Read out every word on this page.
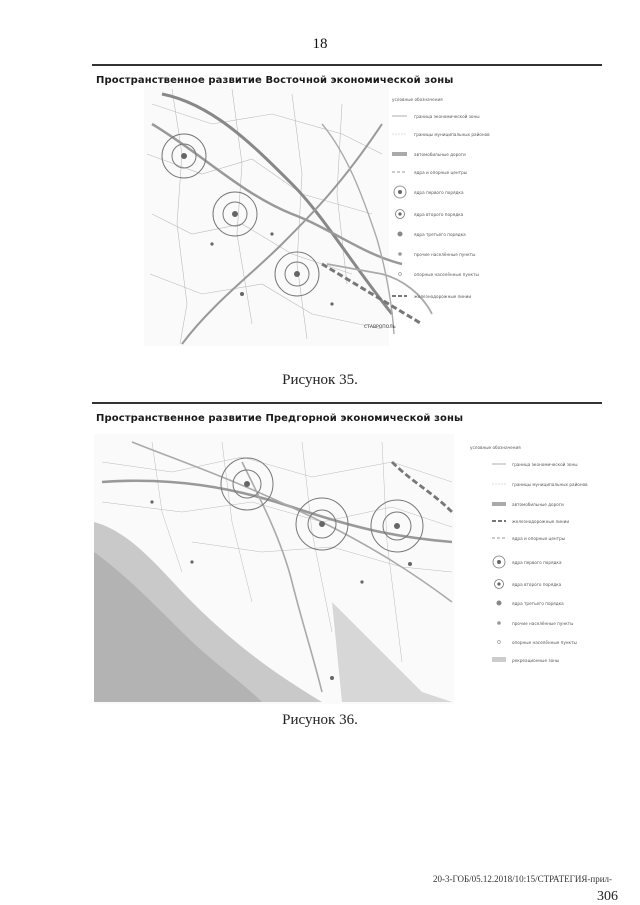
18
СТАВРОПОЛЬ
условные обозначения
граница экономической зоны
границы муниципальных районов
автомобильные дороги
ядра и опорные центры
ядра первого порядка
ядра второго порядка
ядра третьего порядка
прочие населённые пункты
опорные населённые пункты
железнодорожные линии
Пространственное развитие Восточной экономической зоны
Рисунок 35.
условные обозначения
граница экономической зоны
границы муниципальных районов
автомобильные дороги
железнодорожные линии
ядра и опорные центры
ядра первого порядка
ядра второго порядка
ядра третьего порядка
прочие населённые пункты
опорные населённые пункты
рекреационные зоны
Пространственное развитие Предгорной экономической зоны
Рисунок 36.
20-3-ГОБ/05.12.2018/10:15/СТРАТЕГИЯ-прил-
306
